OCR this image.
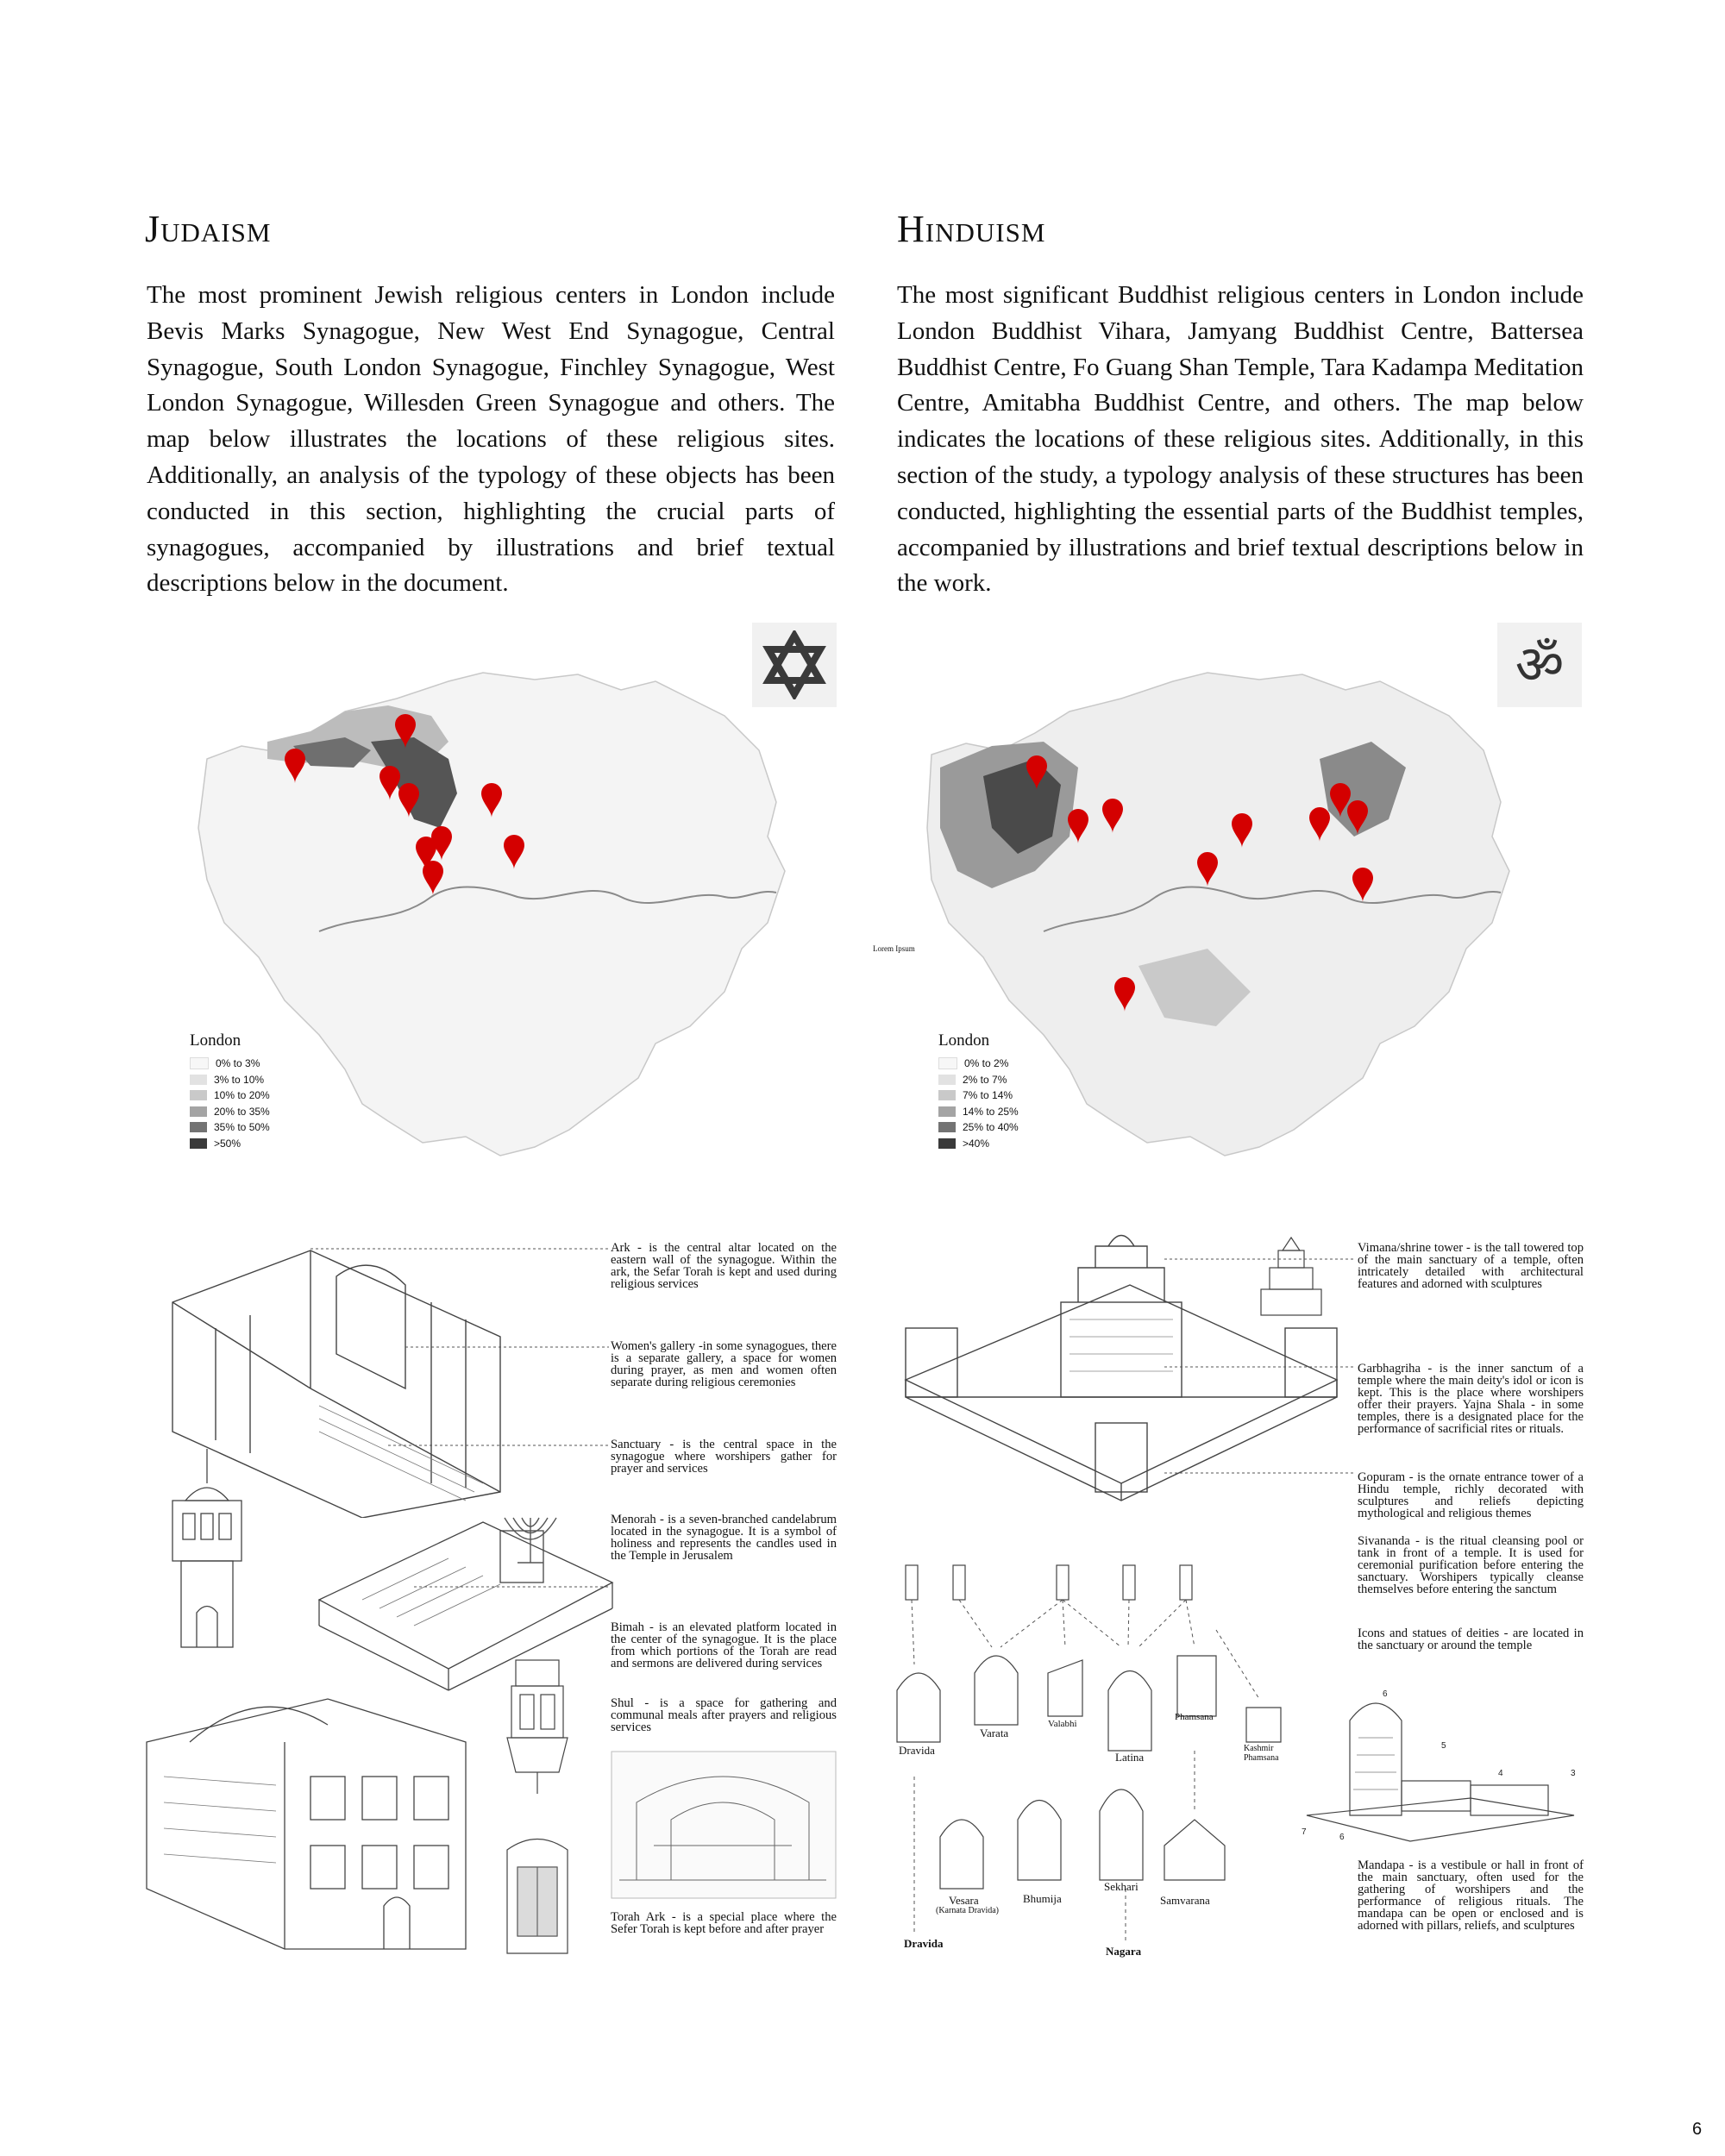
Judaism
The most prominent Jewish religious centers in London include Bevis Marks Synagogue, New West End Synagogue, Central Synagogue, South London Synagogue, Finchley Synagogue, West London Synagogue, Willesden Green Synagogue and others. The map below illustrates the locations of these religious sites. Additionally, an analysis of the typology of these objects has been conducted in this section, highlighting the crucial parts of synagogues, accompanied by illustrations and brief textual descriptions below in the document.
London
0% to 3%
3% to 10%
10% to 20%
20% to 35%
35% to 50%
>50%
Ark - is the central altar located on the eastern wall of the synagogue. Within the ark, the Sefar Torah is kept and used during religious services
Women's gallery -in some synagogues, there is a separate gallery, a space for women during prayer, as men and women often separate during religious ceremonies
Sanctuary - is the central space in the synagogue where worshipers gather for prayer and services
Menorah - is a seven-branched candelabrum located in the synagogue. It is a symbol of holiness and represents the candles used in the Temple in Jerusalem
Bimah - is an elevated platform located in the center of the synagogue. It is the place from which portions of the Torah are read and sermons are delivered during services
Shul - is a space for gathering and communal meals after prayers and religious services
Torah Ark - is a special place where the Sefer Torah is kept before and after prayer
Hinduism
The most significant Buddhist religious centers in London include London Buddhist Vihara, Jamyang Buddhist Centre, Battersea Buddhist Centre, Fo Guang Shan Temple, Tara Kadampa Meditation Centre, Amitabha Buddhist Centre, and others. The map below indicates the locations of these religious sites. Additionally, in this section of the study, a typology analysis of these structures has been conducted, highlighting the essential parts of the Buddhist temples, accompanied by illustrations and brief textual descriptions below in the work.
ॐ
Lorem Ipsum
London
0% to 2%
2% to 7%
7% to 14%
14% to 25%
25% to 40%
>40%
Dravida
Varata
Valabhi
Latina
Phamsana
Kashmir Phamsana
Vesara
(Karnata Dravida)
Bhumija
Sekhari
Samvarana
Dravida
Nagara
6
5
4	3
6
7
Vimana/shrine tower - is the tall towered top of the main sanctuary of a temple, often intricately detailed with architectural features and adorned with sculptures
Garbhagriha - is the inner sanctum of a temple where the main deity's idol or icon is kept. This is the place where worshipers offer their prayers. Yajna Shala - in some temples, there is a designated place for the performance of sacrificial rites or rituals.
Gopuram - is the ornate entrance tower of a Hindu temple, richly decorated with sculptures and reliefs depicting mythological and religious themes
Sivananda - is the ritual cleansing pool or tank in front of a temple. It is used for ceremonial purification before entering the sanctuary. Worshipers typically cleanse themselves before entering the sanctum
Icons and statues of deities - are located in the sanctuary or around the temple
Mandapa - is a vestibule or hall in front of the main sanctuary, often used for the gathering of worshipers and the performance of religious rituals. The mandapa can be open or enclosed and is adorned with pillars, reliefs, and sculptures
6
